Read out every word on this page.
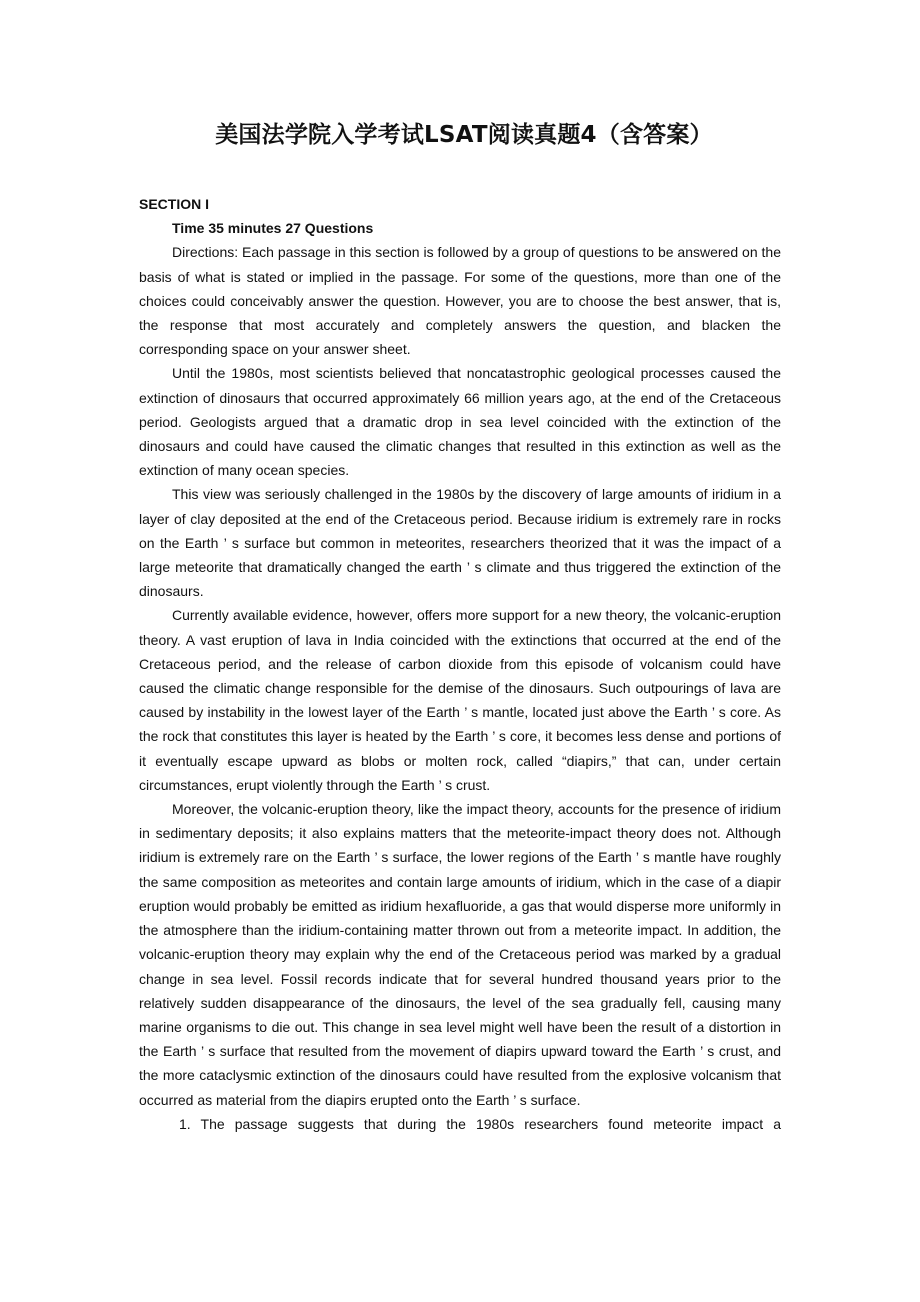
美国法学院入学考试LSAT阅读真题4（含答案）

SECTION I

Time 35 minutes 27 Questions

Directions: Each passage in this section is followed by a group of questions to be answered on the basis of what is stated or implied in the passage. For some of the questions, more than one of the choices could conceivably answer the question. However, you are to choose the best answer, that is, the response that most accurately and completely answers the question, and blacken the corresponding space on your answer sheet.

Until the 1980s, most scientists believed that noncatastrophic geological processes caused the extinction of dinosaurs that occurred approximately 66 million years ago, at the end of the Cretaceous period. Geologists argued that a dramatic drop in sea level coincided with the extinction of the dinosaurs and could have caused the climatic changes that resulted in this extinction as well as the extinction of many ocean species.

This view was seriously challenged in the 1980s by the discovery of large amounts of iridium in a layer of clay deposited at the end of the Cretaceous period. Because iridium is extremely rare in rocks on the Earth ’ s surface but common in meteorites, researchers theorized that it was the impact of a large meteorite that dramatically changed the earth ’ s climate and thus triggered the extinction of the dinosaurs.

Currently available evidence, however, offers more support for a new theory, the volcanic-eruption theory. A vast eruption of lava in India coincided with the extinctions that occurred at the end of the Cretaceous period, and the release of carbon dioxide from this episode of volcanism could have caused the climatic change responsible for the demise of the dinosaurs. Such outpourings of lava are caused by instability in the lowest layer of the Earth ’ s mantle, located just above the Earth ’ s core. As the rock that constitutes this layer is heated by the Earth ’ s core, it becomes less dense and portions of it eventually escape upward as blobs or molten rock, called “diapirs,” that can, under certain circumstances, erupt violently through the Earth ’ s crust.

Moreover, the volcanic-eruption theory, like the impact theory, accounts for the presence of iridium in sedimentary deposits; it also explains matters that the meteorite-impact theory does not. Although iridium is extremely rare on the Earth ’ s surface, the lower regions of the Earth ’ s mantle have roughly the same composition as meteorites and contain large amounts of iridium, which in the case of a diapir eruption would probably be emitted as iridium hexafluoride, a gas that would disperse more uniformly in the atmosphere than the iridium-containing matter thrown out from a meteorite impact. In addition, the volcanic-eruption theory may explain why the end of the Cretaceous period was marked by a gradual change in sea level. Fossil records indicate that for several hundred thousand years prior to the relatively sudden disappearance of the dinosaurs, the level of the sea gradually fell, causing many marine organisms to die out. This change in sea level might well have been the result of a distortion in the Earth ’ s surface that resulted from the movement of diapirs upward toward the Earth ’ s crust, and the more cataclysmic extinction of the dinosaurs could have resulted from the explosive volcanism that occurred as material from the diapirs erupted onto the Earth ’ s surface.

1. The passage suggests that during the 1980s researchers found meteorite impact a
